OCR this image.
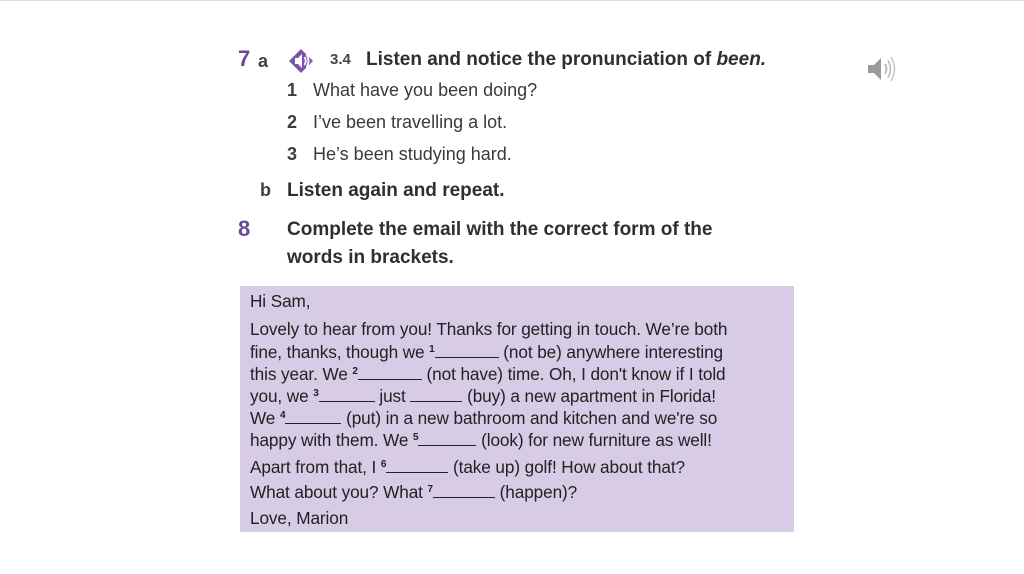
7 a	3.4 Listen and notice the pronunciation of been.
1 What have you been doing?
2 I’ve been travelling a lot.
3 He’s been studying hard.
b Listen again and repeat.
8 Complete the email with the correct form of the
words in brackets.
Hi Sam,
Lovely to hear from you! Thanks for getting in touch. We’re both
fine, thanks, though we $^1$	(not be) anywhere interesting
this year. We $^2$	(not have) time. Oh, I don't know if I told
you, we $^3$	just	(buy) a new apartment in Florida!
We $^4$	(put) in a new bathroom and kitchen and we're so
happy with them. We $^5$	(look) for new furniture as well!
Apart from that, I $^6$	(take up) golf! How about that?
What about you? What $^7$	(happen)?
Love, Marion
